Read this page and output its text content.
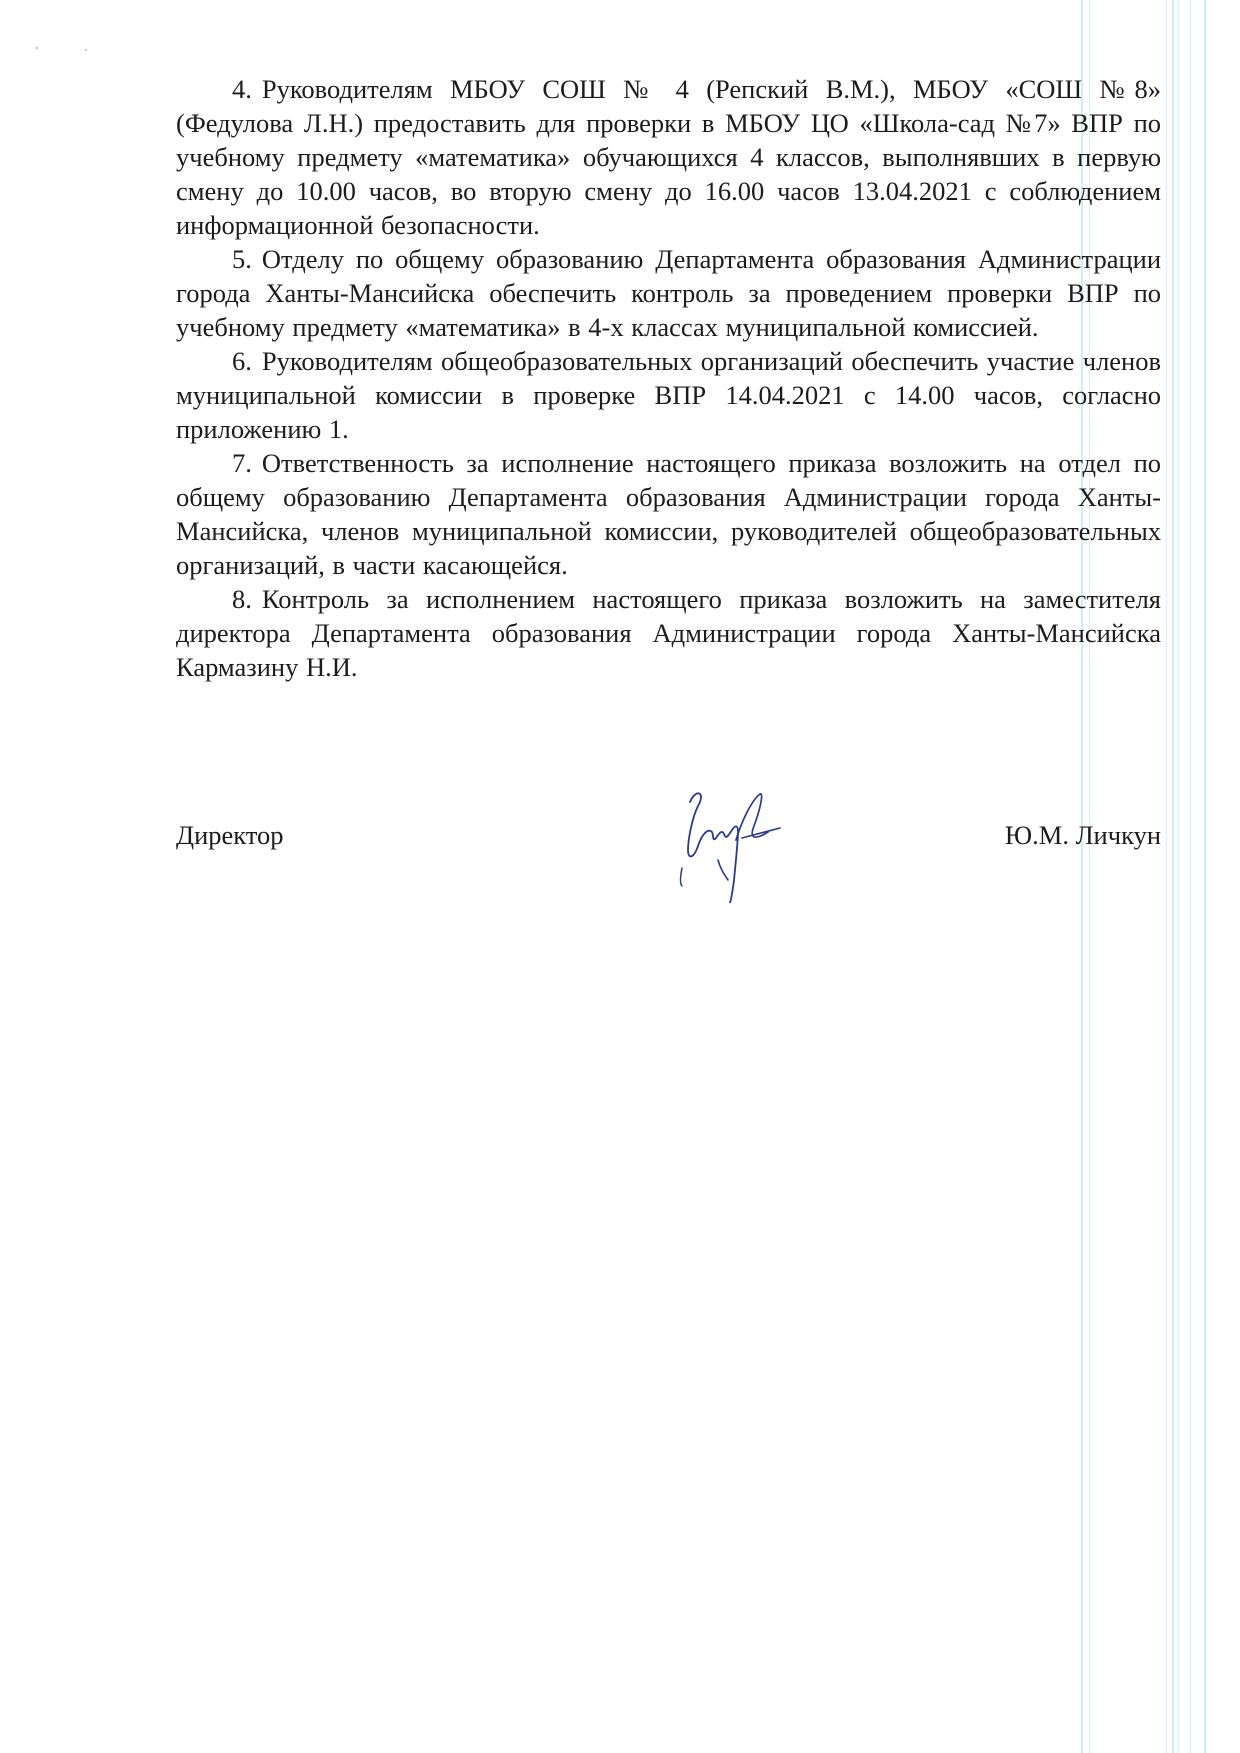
4. Руководителям МБОУ СОШ № 4 (Репский В.М.), МБОУ «СОШ №8» (Федулова Л.Н.) предоставить для проверки в МБОУ ЦО «Школа-сад №7» ВПР по учебному предмету «математика» обучающихся 4 классов, выполнявших в первую смену до 10.00 часов, во вторую смену до 16.00 часов 13.04.2021 с соблюдением информационной безопасности.

5. Отделу по общему образованию Департамента образования Администрации города Ханты-Мансийска обеспечить контроль за проведением проверки ВПР по учебному предмету «математика» в 4-х классах муниципальной комиссией.

6. Руководителям общеобразовательных организаций обеспечить участие членов муниципальной комиссии в проверке ВПР 14.04.2021 с 14.00 часов, согласно приложению 1.

7. Ответственность за исполнение настоящего приказа возложить на отдел по общему образованию Департамента образования Администрации города Ханты-Мансийска, членов муниципальной комиссии, руководителей общеобразовательных организаций, в части касающейся.

8. Контроль за исполнением настоящего приказа возложить на заместителя директора Департамента образования Администрации города Ханты-Мансийска Кармазину Н.И.

Директор	Ю.М. Личкун
